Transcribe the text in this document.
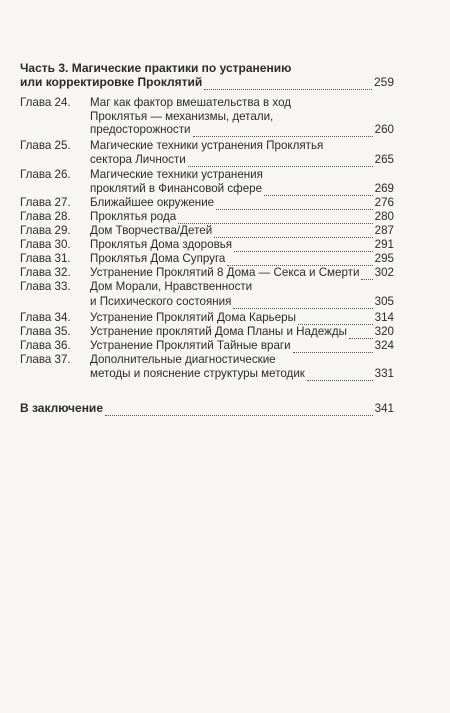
Часть 3. Магические практики по устранению
или корректировке Проклятий	259
Глава 24.	Маг как фактор вмешательства в ход
Проклятья — механизмы, детали,
предосторожности	260
Глава 25.	Магические техники устранения Проклятья
сектора Личности	265
Глава 26.	Магические техники устранения
проклятий в Финансовой сфере	269
Глава 27.	Ближайшее окружение	276
Глава 28.	Проклятья рода	280
Глава 29.	Дом Творчества/Детей	287
Глава 30.	Проклятья Дома здоровья	291
Глава 31.	Проклятья Дома Супруга	295
Глава 32.	Устранение Проклятий 8 Дома — Секса и Смерти 302
Глава 33.	Дом Морали, Нравственности
и Психического состояния	305
Глава 34.	Устранение Проклятий Дома Карьеры	314
Глава 35.	Устранение проклятий Дома Планы и Надежды 320
Глава 36.	Устранение Проклятий Тайные враги	324
Глава 37.	Дополнительные диагностические
методы и пояснение структуры методик	331
В заключение	341
